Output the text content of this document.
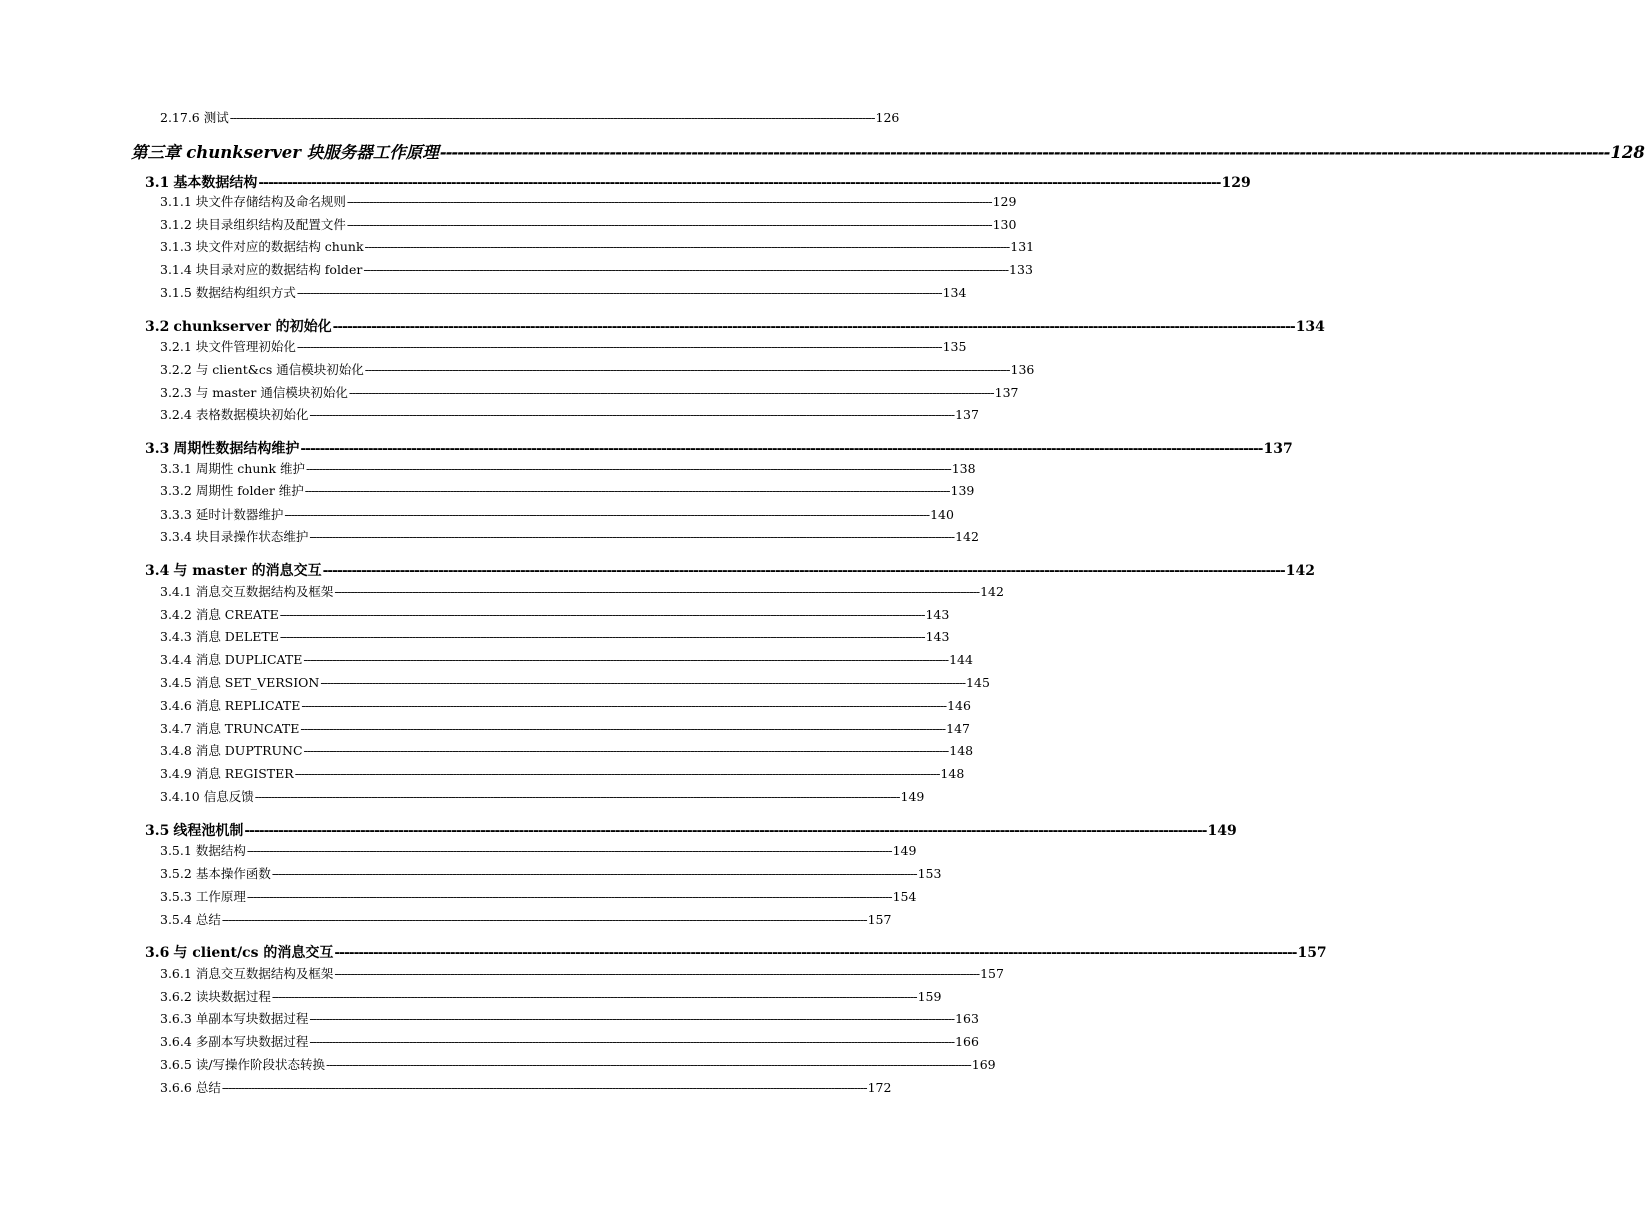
2.17.6 测试 -------------------------------------------------------------------------------------------------------------------------------------------------------------------------------------------------------- 126
第三章 chunkserver 块服务器工作原理 -------------------------------------------------------------------------------------------------------------------------------------------------------------------------------------------------------- 128
3.1 基本数据结构 -------------------------------------------------------------------------------------------------------------------------------------------------------------------------------------------------------- 129
3.1.1 块文件存储结构及命名规则 -------------------------------------------------------------------------------------------------------------------------------------------------------------------------------------------------------- 129
3.1.2 块目录组织结构及配置文件 -------------------------------------------------------------------------------------------------------------------------------------------------------------------------------------------------------- 130
3.1.3 块文件对应的数据结构 chunk -------------------------------------------------------------------------------------------------------------------------------------------------------------------------------------------------------- 131
3.1.4 块目录对应的数据结构 folder -------------------------------------------------------------------------------------------------------------------------------------------------------------------------------------------------------- 133
3.1.5 数据结构组织方式 -------------------------------------------------------------------------------------------------------------------------------------------------------------------------------------------------------- 134
3.2 chunkserver 的初始化 -------------------------------------------------------------------------------------------------------------------------------------------------------------------------------------------------------- 134
3.2.1 块文件管理初始化 -------------------------------------------------------------------------------------------------------------------------------------------------------------------------------------------------------- 135
3.2.2 与 client&cs 通信模块初始化 -------------------------------------------------------------------------------------------------------------------------------------------------------------------------------------------------------- 136
3.2.3 与 master 通信模块初始化 -------------------------------------------------------------------------------------------------------------------------------------------------------------------------------------------------------- 137
3.2.4 表格数据模块初始化 -------------------------------------------------------------------------------------------------------------------------------------------------------------------------------------------------------- 137
3.3 周期性数据结构维护 -------------------------------------------------------------------------------------------------------------------------------------------------------------------------------------------------------- 137
3.3.1 周期性 chunk 维护 -------------------------------------------------------------------------------------------------------------------------------------------------------------------------------------------------------- 138
3.3.2 周期性 folder 维护 -------------------------------------------------------------------------------------------------------------------------------------------------------------------------------------------------------- 139
3.3.3 延时计数器维护 -------------------------------------------------------------------------------------------------------------------------------------------------------------------------------------------------------- 140
3.3.4 块目录操作状态维护 -------------------------------------------------------------------------------------------------------------------------------------------------------------------------------------------------------- 142
3.4 与 master 的消息交互 -------------------------------------------------------------------------------------------------------------------------------------------------------------------------------------------------------- 142
3.4.1 消息交互数据结构及框架 -------------------------------------------------------------------------------------------------------------------------------------------------------------------------------------------------------- 142
3.4.2 消息 CREATE -------------------------------------------------------------------------------------------------------------------------------------------------------------------------------------------------------- 143
3.4.3 消息 DELETE -------------------------------------------------------------------------------------------------------------------------------------------------------------------------------------------------------- 143
3.4.4 消息 DUPLICATE -------------------------------------------------------------------------------------------------------------------------------------------------------------------------------------------------------- 144
3.4.5 消息 SET_VERSION -------------------------------------------------------------------------------------------------------------------------------------------------------------------------------------------------------- 145
3.4.6 消息 REPLICATE -------------------------------------------------------------------------------------------------------------------------------------------------------------------------------------------------------- 146
3.4.7 消息 TRUNCATE -------------------------------------------------------------------------------------------------------------------------------------------------------------------------------------------------------- 147
3.4.8 消息 DUPTRUNC -------------------------------------------------------------------------------------------------------------------------------------------------------------------------------------------------------- 148
3.4.9 消息 REGISTER -------------------------------------------------------------------------------------------------------------------------------------------------------------------------------------------------------- 148
3.4.10 信息反馈 -------------------------------------------------------------------------------------------------------------------------------------------------------------------------------------------------------- 149
3.5 线程池机制 -------------------------------------------------------------------------------------------------------------------------------------------------------------------------------------------------------- 149
3.5.1 数据结构 -------------------------------------------------------------------------------------------------------------------------------------------------------------------------------------------------------- 149
3.5.2 基本操作函数 -------------------------------------------------------------------------------------------------------------------------------------------------------------------------------------------------------- 153
3.5.3 工作原理 -------------------------------------------------------------------------------------------------------------------------------------------------------------------------------------------------------- 154
3.5.4 总结 -------------------------------------------------------------------------------------------------------------------------------------------------------------------------------------------------------- 157
3.6 与 client/cs 的消息交互 -------------------------------------------------------------------------------------------------------------------------------------------------------------------------------------------------------- 157
3.6.1 消息交互数据结构及框架 -------------------------------------------------------------------------------------------------------------------------------------------------------------------------------------------------------- 157
3.6.2 读块数据过程 -------------------------------------------------------------------------------------------------------------------------------------------------------------------------------------------------------- 159
3.6.3 单副本写块数据过程 -------------------------------------------------------------------------------------------------------------------------------------------------------------------------------------------------------- 163
3.6.4 多副本写块数据过程 -------------------------------------------------------------------------------------------------------------------------------------------------------------------------------------------------------- 166
3.6.5 读/写操作阶段状态转换 -------------------------------------------------------------------------------------------------------------------------------------------------------------------------------------------------------- 169
3.6.6 总结 -------------------------------------------------------------------------------------------------------------------------------------------------------------------------------------------------------- 172
